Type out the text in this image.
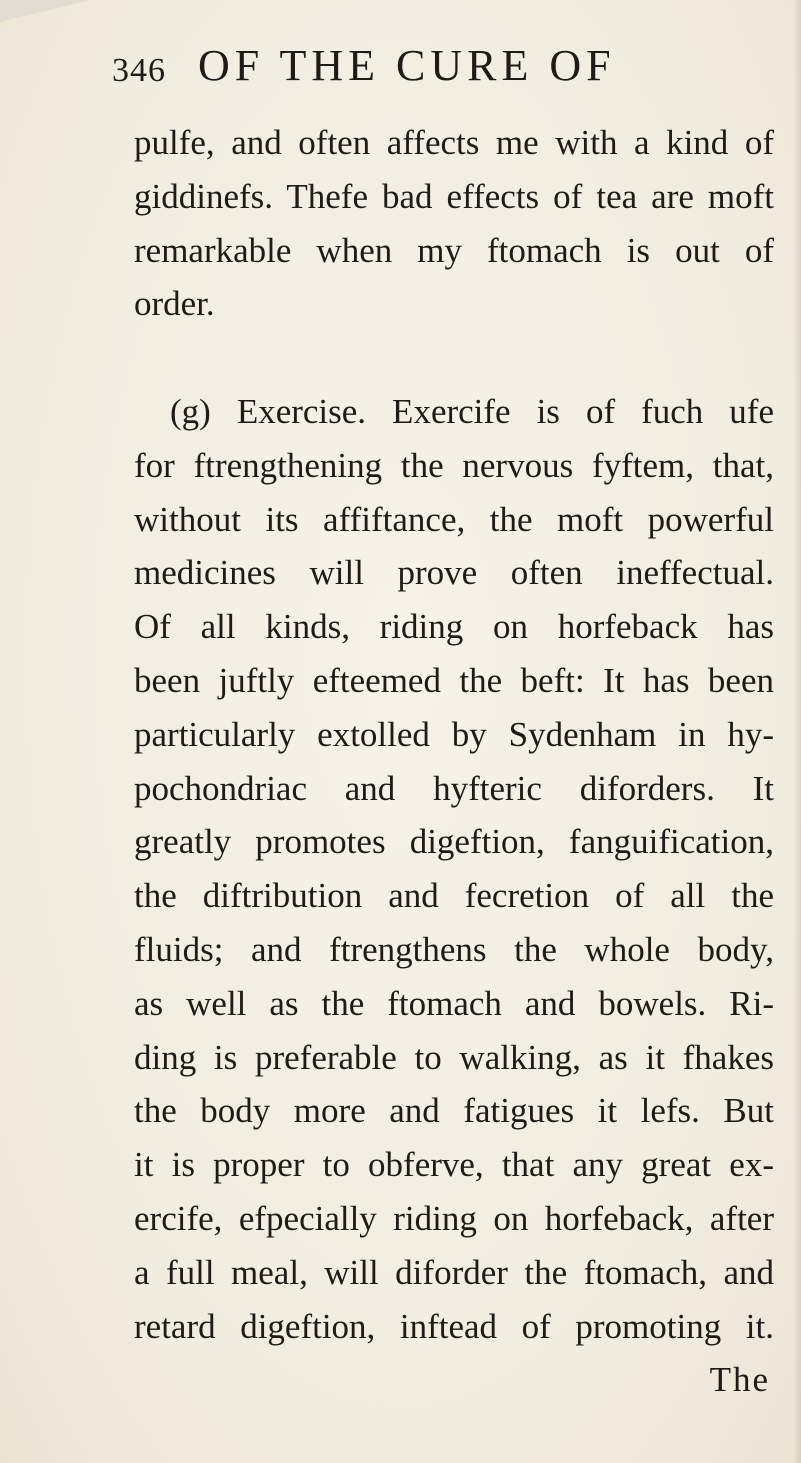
346 OF THE CURE OF
pulfe, and often affects me with a kind of
giddinefs. Thefe bad effects of tea are moft
remarkable when my ftomach is out of
order.
(g) Exercise. Exercife is of fuch ufe
for ftrengthening the nervous fyftem, that,
without its affiftance, the moft powerful
medicines will prove often ineffectual.
Of all kinds, riding on horfeback has
been juftly efteemed the beft: It has been
particularly extolled by Sydenham in hy-
pochondriac and hyfteric diforders. It
greatly promotes digeftion, fanguification,
the diftribution and fecretion of all the
fluids; and ftrengthens the whole body,
as well as the ftomach and bowels. Ri-
ding is preferable to walking, as it fhakes
the body more and fatigues it lefs. But
it is proper to obferve, that any great ex-
ercife, efpecially riding on horfeback, after
a full meal, will diforder the ftomach, and
retard digeftion, inftead of promoting it.
The
